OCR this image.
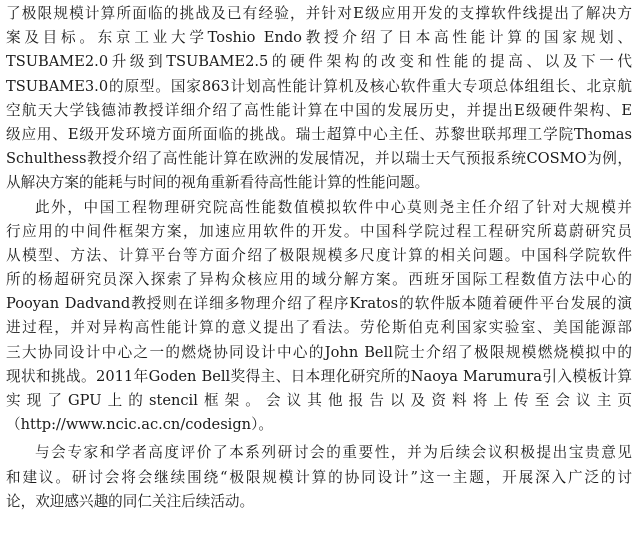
了极限规模计算所面临的挑战及已有经验，并针对E级应用开发的支撑软件线提出了解决方
案及目标。东京工业大学Toshio Endo教授介绍了日本高性能计算的国家规划、
TSUBAME2.0升级到TSUBAME2.5的硬件架构的改变和性能的提高、以及下一代
TSUBAME3.0的原型。国家863计划高性能计算机及核心软件重大专项总体组组长、北京航
空航天大学钱德沛教授详细介绍了高性能计算在中国的发展历史，并提出E级硬件架构、E
级应用、E级开发环境方面所面临的挑战。瑞士超算中心主任、苏黎世联邦理工学院Thomas
Schulthess教授介绍了高性能计算在欧洲的发展情况，并以瑞士天气预报系统COSMO为例，
从解决方案的能耗与时间的视角重新看待高性能计算的性能问题。
此外，中国工程物理研究院高性能数值模拟软件中心莫则尧主任介绍了针对大规模并
行应用的中间件框架方案，加速应用软件的开发。中国科学院过程工程研究所葛蔚研究员
从模型、方法、计算平台等方面介绍了极限规模多尺度计算的相关问题。中国科学院软件
所的杨超研究员深入探索了异构众核应用的域分解方案。西班牙国际工程数值方法中心的
Pooyan Dadvand教授则在详细多物理介绍了程序Kratos的软件版本随着硬件平台发展的演
进过程，并对异构高性能计算的意义提出了看法。劳伦斯伯克利国家实验室、美国能源部
三大协同设计中心之一的燃烧协同设计中心的John Bell院士介绍了极限规模燃烧模拟中的
现状和挑战。2011年Goden Bell奖得主、日本理化研究所的Naoya Marumura引入模板计算
实现了GPU上的stencil框架。会议其他报告以及资料将上传至会议主页
（http://www.ncic.ac.cn/codesign）。
与会专家和学者高度评价了本系列研讨会的重要性，并为后续会议积极提出宝贵意见
和建议。研讨会将会继续围绕“极限规模计算的协同设计”这一主题，开展深入广泛的讨
论，欢迎感兴趣的同仁关注后续活动。
